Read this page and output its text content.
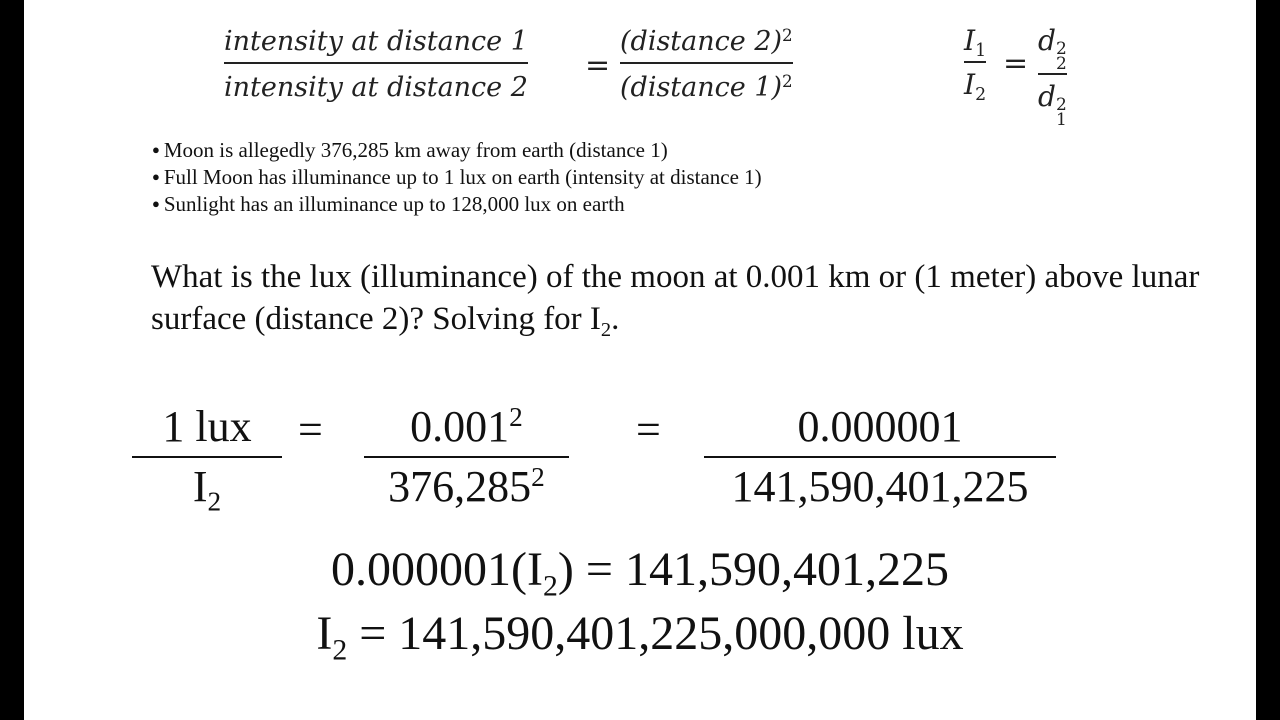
intensity at distance 1
intensity at distance 2
=
(distance 2)$^2$
(distance 1)$^2$
$I_1$
$I_2$
=
d 2
2
d 2
1
● Moon is allegedly 376,285 km away from earth (distance 1)
● Full Moon has illuminance up to 1 lux on earth (intensity at distance 1)
● Sunlight has an illuminance up to 128,000 lux on earth

What is the lux (illuminance) of the moon at 0.001 km or (1 meter) above lunar surface (distance 2)? Solving for $I_2$.

1 lux
$I_2$
= $0.001^2$
$376,285^2$
=	0.000001
141,590,401,225
$0.000001(I_2) = 141,590,401,225$
$I_2 = 141,590,401,225,000,000$ lux
